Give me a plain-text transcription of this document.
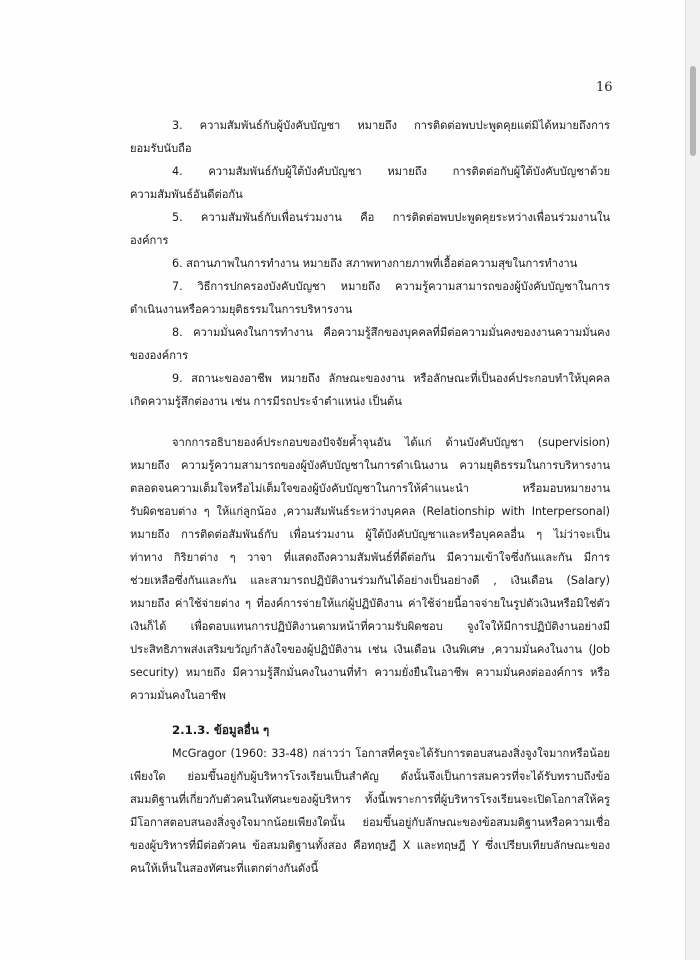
16
3. ความสัมพันธ์กับผู้บังคับบัญชา หมายถึง การติดต่อพบปะพูดคุยแต่มิได้หมายถึงการ
ยอมรับนับถือ
4. ความสัมพันธ์กับผู้ใต้บังคับบัญชา หมายถึง การติดต่อกับผู้ใต้บังคับบัญชาด้วย
ความสัมพันธ์อันดีต่อกัน
5. ความสัมพันธ์กับเพื่อนร่วมงาน คือ การติดต่อพบปะพูดคุยระหว่างเพื่อนร่วมงานใน
องค์การ
6. สถานภาพในการทำงาน หมายถึง สภาพทางกายภาพที่เอื้อต่อความสุขในการทำงาน
7. วิธีการปกครองบังคับบัญชา หมายถึง ความรู้ความสามารถของผู้บังคับบัญชาในการ
ดำเนินงานหรือความยุติธรรมในการบริหารงาน
8. ความมั่นคงในการทำงาน คือความรู้สึกของบุคคลที่มีต่อความมั่นคงของงานความมั่นคง
ขององค์การ
9. สถานะของอาชีพ หมายถึง ลักษณะของงาน หรือลักษณะที่เป็นองค์ประกอบทำให้บุคคล
เกิดความรู้สึกต่องาน เช่น การมีรถประจำตำแหน่ง เป็นต้น
จากการอธิบายองค์ประกอบของปัจจัยค้ำจุนอัน ได้แก่ ด้านบังคับบัญชา (supervision)
หมายถึง ความรู้ความสามารถของผู้บังคับบัญชาในการดำเนินงาน ความยุติธรรมในการบริหารงาน
ตลอดจนความเต็มใจหรือไม่เต็มใจของผู้บังคับบัญชาในการให้คำแนะนำ หรือมอบหมายงาน
รับผิดชอบต่าง ๆ ให้แก่ลูกน้อง ,ความสัมพันธ์ระหว่างบุคคล (Relationship with Interpersonal)
หมายถึง การติดต่อสัมพันธ์กับ เพื่อนร่วมงาน ผู้ใต้บังคับบัญชาและหรือบุคคลอื่น ๆ ไม่ว่าจะเป็น
ท่าทาง กิริยาต่าง ๆ วาจา ที่แสดงถึงความสัมพันธ์ที่ดีต่อกัน มีความเข้าใจซึ่งกันและกัน มีการ
ช่วยเหลือซึ่งกันและกัน และสามารถปฏิบัติงานร่วมกันได้อย่างเป็นอย่างดี , เงินเดือน (Salary)
หมายถึง ค่าใช้จ่ายต่าง ๆ ที่องค์การจ่ายให้แก่ผู้ปฏิบัติงาน ค่าใช้จ่ายนี้อาจจ่ายในรูปตัวเงินหรือมิใช่ตัว
เงินก็ได้ เพื่อตอบแทนการปฏิบัติงานตามหน้าที่ความรับผิดชอบ จูงใจให้มีการปฏิบัติงานอย่างมี
ประสิทธิภาพส่งเสริมขวัญกำลังใจของผู้ปฏิบัติงาน เช่น เงินเดือน เงินพิเศษ ,ความมั่นคงในงาน (Job
security) หมายถึง มีความรู้สึกมั่นคงในงานที่ทำ ความยั่งยืนในอาชีพ ความมั่นคงต่อองค์การ หรือ
ความมั่นคงในอาชีพ
2.1.3. ข้อมูลอื่น ๆ
McGragor (1960: 33-48) กล่าวว่า โอกาสที่ครูจะได้รับการตอบสนองสิ่งจูงใจมากหรือน้อย
เพียงใด ย่อมขึ้นอยู่กับผู้บริหารโรงเรียนเป็นสำคัญ ดังนั้นจึงเป็นการสมควรที่จะได้รับทราบถึงข้อ
สมมติฐานที่เกี่ยวกับตัวคนในทัศนะของผู้บริหาร ทั้งนี้เพราะการที่ผู้บริหารโรงเรียนจะเปิดโอกาสให้ครู
มีโอกาสตอบสนองสิ่งจูงใจมากน้อยเพียงใดนั้น ย่อมขึ้นอยู่กับลักษณะของข้อสมมติฐานหรือความเชื่อ
ของผู้บริหารที่มีต่อตัวคน ข้อสมมติฐานทั้งสอง คือทฤษฎี X และทฤษฎี Y ซึ่งเปรียบเทียบลักษณะของ
คนให้เห็นในสองทัศนะที่แตกต่างกันดังนี้
